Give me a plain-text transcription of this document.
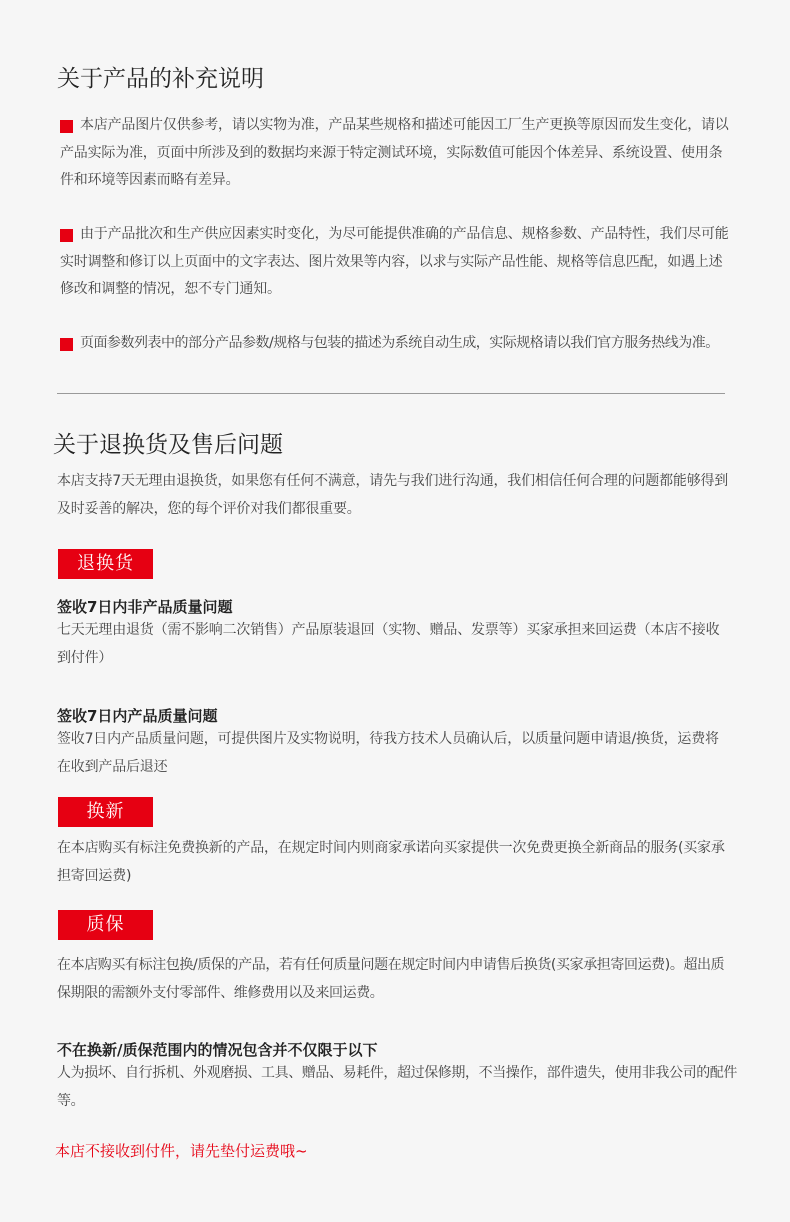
关于产品的补充说明
本店产品图片仅供参考，请以实物为准，产品某些规格和描述可能因工厂生产更换等原因而发生变化，请以产品实际为准，页面中所涉及到的数据均来源于特定测试环境，实际数值可能因个体差异、系统设置、使用条件和环境等因素而略有差异。
由于产品批次和生产供应因素实时变化，为尽可能提供准确的产品信息、规格参数、产品特性，我们尽可能实时调整和修订以上页面中的文字表达、图片效果等内容，以求与实际产品性能、规格等信息匹配，如遇上述修改和调整的情况，恕不专门通知。
页面参数列表中的部分产品参数/规格与包装的描述为系统自动生成，实际规格请以我们官方服务热线为准。
关于退换货及售后问题
本店支持7天无理由退换货，如果您有任何不满意，请先与我们进行沟通，我们相信任何合理的问题都能够得到及时妥善的解决，您的每个评价对我们都很重要。
退换货
签收7日内非产品质量问题
七天无理由退货（需不影响二次销售）产品原装退回（实物、赠品、发票等）买家承担来回运费（本店不接收到付件）
签收7日内产品质量问题
签收7日内产品质量问题，可提供图片及实物说明，待我方技术人员确认后，以质量问题申请退/换货，运费将在收到产品后退还
换新
在本店购买有标注免费换新的产品，在规定时间内则商家承诺向买家提供一次免费更换全新商品的服务(买家承担寄回运费)
质保
在本店购买有标注包换/质保的产品，若有任何质量问题在规定时间内申请售后换货(买家承担寄回运费)。超出质保期限的需额外支付零部件、维修费用以及来回运费。
不在换新/质保范围内的情况包含并不仅限于以下
人为损坏、自行拆机、外观磨损、工具、赠品、易耗件，超过保修期，不当操作，部件遗失，使用非我公司的配件等。
本店不接收到付件，请先垫付运费哦~
